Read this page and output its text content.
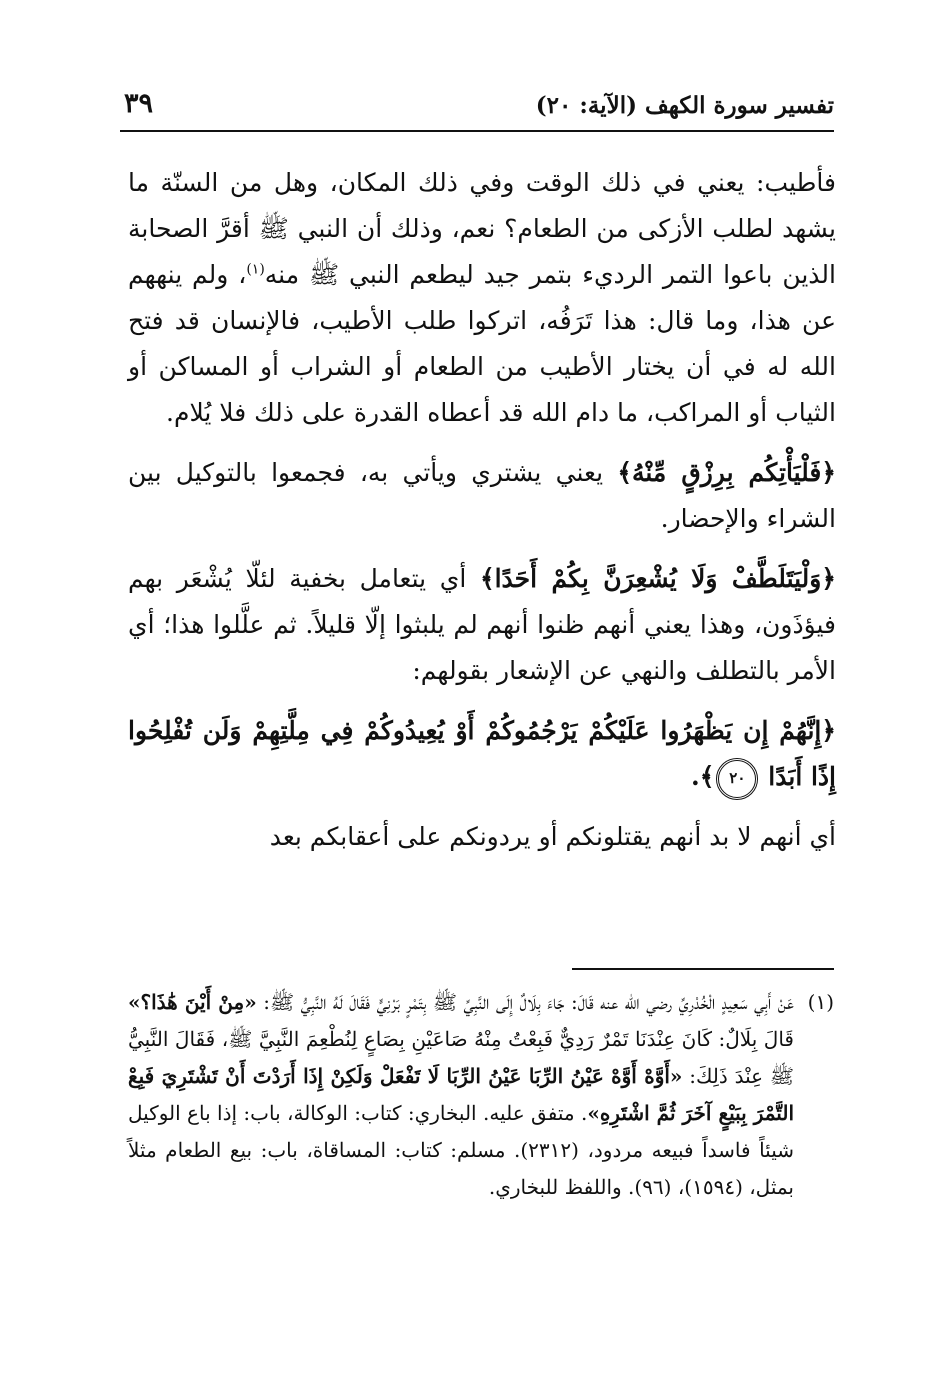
تفسير سورة الكهف (الآية: ٢٠)
٣٩

فأطيب: يعني في ذلك الوقت وفي ذلك المكان، وهل من السنّة ما يشهد لطلب الأزكى من الطعام؟ نعم، وذلك أن النبي ﷺ أقرَّ الصحابة الذين باعوا التمر الرديء بتمر جيد ليطعم النبي ﷺ منه$^{(١)}$، ولم ينههم عن هذا، وما قال: هذا تَرَفُه، اتركوا طلب الأطيب، فالإنسان قد فتح الله له في أن يختار الأطيب من الطعام أو الشراب أو المساكن أو الثياب أو المراكب، ما دام الله قد أعطاه القدرة على ذلك فلا يُلام.

﴿فَلْيَأْتِكُم بِرِزْقٍ مِّنْهُ﴾ يعني يشتري ويأتي به، فجمعوا بالتوكيل بين الشراء والإحضار.

﴿وَلْيَتَلَطَّفْ وَلَا يُشْعِرَنَّ بِكُمْ أَحَدًا﴾ أي يتعامل بخفية لئلّا يُشْعَر بهم فيؤذَون، وهذا يعني أنهم ظنوا أنهم لم يلبثوا إلّا قليلاً. ثم علَّلوا هذا؛ أي الأمر بالتطلف والنهي عن الإشعار بقولهم:

﴿إِنَّهُمْ إِن يَظْهَرُوا عَلَيْكُمْ يَرْجُمُوكُمْ أَوْ يُعِيدُوكُمْ فِي مِلَّتِهِمْ وَلَن تُفْلِحُوا إِذًا أَبَدًا ٢٠﴾.

أي أنهم لا بد أنهم يقتلونكم أو يردونكم على أعقابكم بعد

(١)
عَنْ أَبِي سَعِيدٍ الْخُدْرِيِّ رضي الله عنه قَالَ: جَاءَ بِلَالٌ إِلَى النَّبِيِّ ﷺ بِتَمْرٍ بَرْنِيٍّ فَقَالَ لَهُ النَّبِيُّ ﷺ: «مِنْ أَيْنَ هَٰذَا؟» قَالَ بِلَالٌ: كَانَ عِنْدَنَا تَمْرٌ رَدِيٌّ فَبِعْتُ مِنْهُ صَاعَيْنِ بِصَاعٍ لِنُطْعِمَ النَّبِيَّ ﷺ، فَقَالَ النَّبِيُّ ﷺ عِنْدَ ذَلِكَ: «أَوَّهْ أَوَّهْ عَيْنُ الرِّبَا عَيْنُ الرِّبَا لَا تَفْعَلْ وَلَكِنْ إِذَا أَرَدْتَ أَنْ تَشْتَرِيَ فَبِعْ التَّمْرَ بِبَيْعٍ آخَرَ ثُمَّ اشْتَرِهِ». متفق عليه. البخاري: كتاب: الوكالة، باب: إذا باع الوكيل شيئاً فاسداً فبيعه مردود، (٢٣١٢). مسلم: كتاب: المساقاة، باب: بيع الطعام مثلاً بمثل، (١٥٩٤)، (٩٦). واللفظ للبخاري.
